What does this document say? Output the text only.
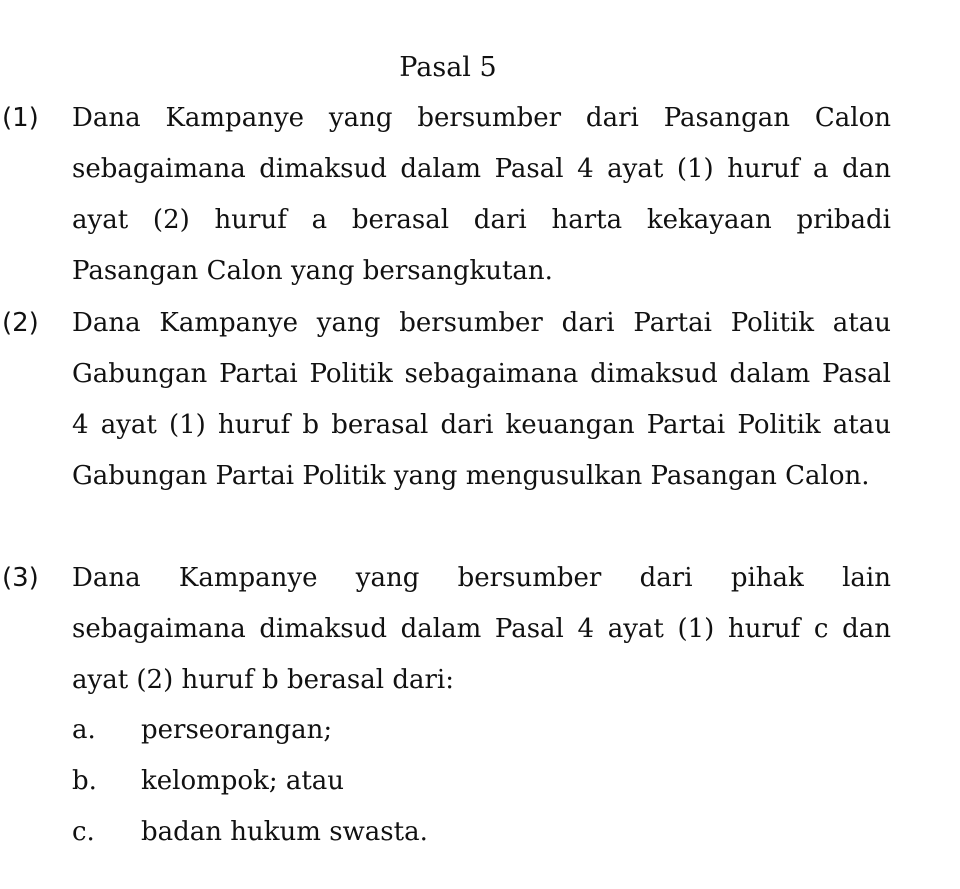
Pasal 5
(1) Dana Kampanye yang bersumber dari Pasangan Calon sebagaimana dimaksud dalam Pasal 4 ayat (1) huruf a dan ayat (2) huruf a berasal dari harta kekayaan pribadi Pasangan Calon yang bersangkutan.
(2) Dana Kampanye yang bersumber dari Partai Politik atau Gabungan Partai Politik sebagaimana dimaksud dalam Pasal 4 ayat (1) huruf b berasal dari keuangan Partai Politik atau Gabungan Partai Politik yang mengusulkan Pasangan Calon.
(3) Dana Kampanye yang bersumber dari pihak lain sebagaimana dimaksud dalam Pasal 4 ayat (1) huruf c dan ayat (2) huruf b berasal dari:
a. perseorangan;
b. kelompok; atau
c. badan hukum swasta.
